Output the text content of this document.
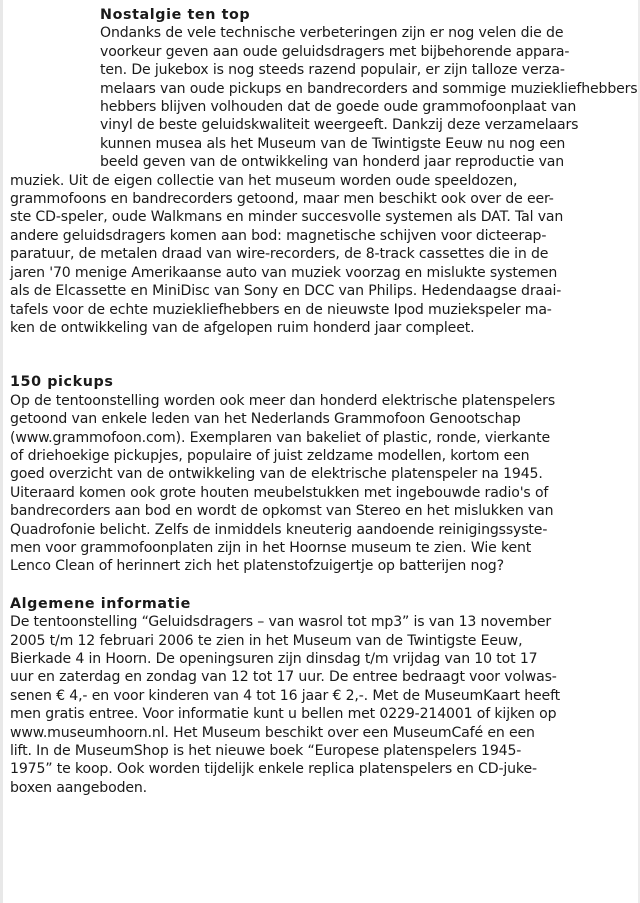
Nostalgie ten top
Ondanks de vele technische verbeteringen zijn er nog velen die de
voorkeur geven aan oude geluidsdragers met bijbehorende appara-
ten. De jukebox is nog steeds razend populair, er zijn talloze verza-
melaars van oude pickups en bandrecorders and sommige muziekliefhebbers
hebbers blijven volhouden dat de goede oude grammofoonplaat van
vinyl de beste geluidskwaliteit weergeeft. Dankzij deze verzamelaars
kunnen musea als het Museum van de Twintigste Eeuw nu nog een
beeld geven van de ontwikkeling van honderd jaar reproductie van
muziek. Uit de eigen collectie van het museum worden oude speeldozen,
grammofoons en bandrecorders getoond, maar men beschikt ook over de eer-
ste CD-speler, oude Walkmans en minder succesvolle systemen als DAT. Tal van
andere geluidsdragers komen aan bod: magnetische schijven voor dicteerap-
paratuur, de metalen draad van wire-recorders, de 8-track cassettes die in de
jaren '70 menige Amerikaanse auto van muziek voorzag en mislukte systemen
als de Elcassette en MiniDisc van Sony en DCC van Philips. Hedendaagse draai-
tafels voor de echte muziekliefhebbers en de nieuwste Ipod muziekspeler ma-
ken de ontwikkeling van de afgelopen ruim honderd jaar compleet.
150 pickups
Op de tentoonstelling worden ook meer dan honderd elektrische platenspelers
getoond van enkele leden van het Nederlands Grammofoon Genootschap
(www.grammofoon.com). Exemplaren van bakeliet of plastic, ronde, vierkante
of driehoekige pickupjes, populaire of juist zeldzame modellen, kortom een
goed overzicht van de ontwikkeling van de elektrische platenspeler na 1945.
Uiteraard komen ook grote houten meubelstukken met ingebouwde radio's of
bandrecorders aan bod en wordt de opkomst van Stereo en het mislukken van
Quadrofonie belicht. Zelfs de inmiddels kneuterig aandoende reinigingssyste-
men voor grammofoonplaten zijn in het Hoornse museum te zien. Wie kent
Lenco Clean of herinnert zich het platenstofzuigertje op batterijen nog?
Algemene informatie
De tentoonstelling “Geluidsdragers – van wasrol tot mp3” is van 13 november
2005 t/m 12 februari 2006 te zien in het Museum van de Twintigste Eeuw,
Bierkade 4 in Hoorn. De openingsuren zijn dinsdag t/m vrijdag van 10 tot 17
uur en zaterdag en zondag van 12 tot 17 uur. De entree bedraagt voor volwas-
senen € 4,- en voor kinderen van 4 tot 16 jaar € 2,-. Met de MuseumKaart heeft
men gratis entree. Voor informatie kunt u bellen met 0229-214001 of kijken op
www.museumhoorn.nl. Het Museum beschikt over een MuseumCafé en een
lift. In de MuseumShop is het nieuwe boek “Europese platenspelers 1945-
1975” te koop. Ook worden tijdelijk enkele replica platenspelers en CD-juke-
boxen aangeboden.
